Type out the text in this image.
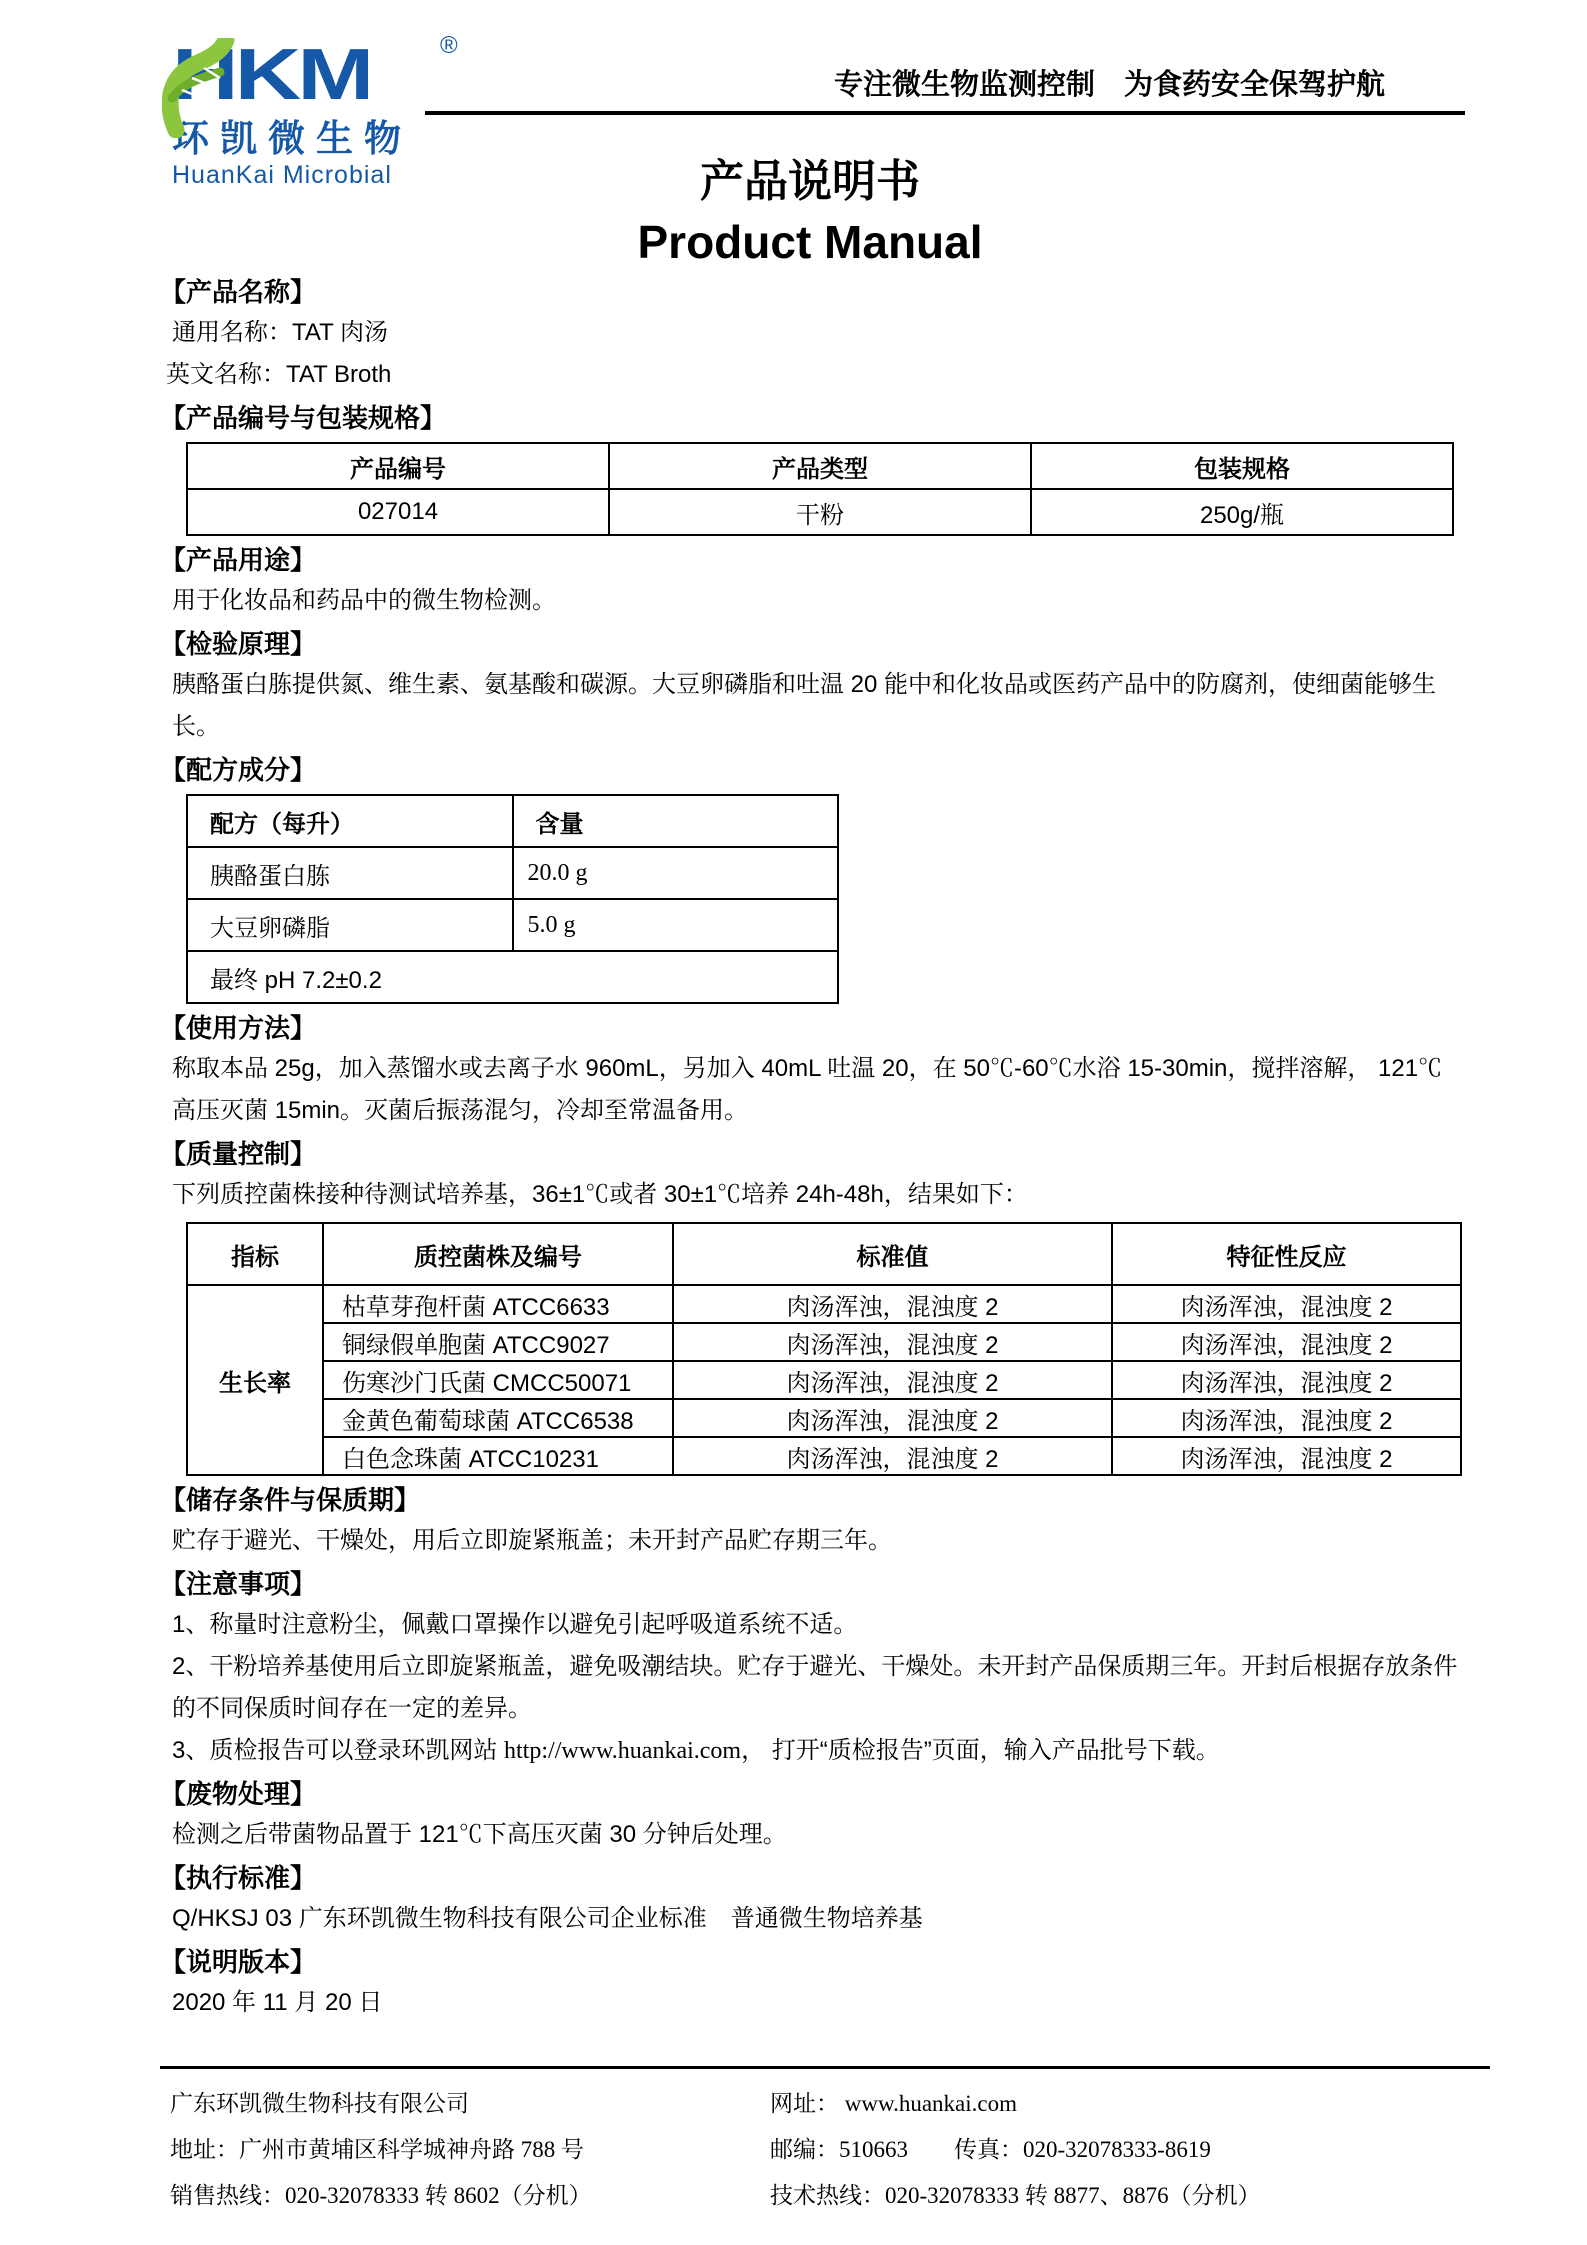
HKM	®
环凯微生物
HuanKai Microbial
专注微生物监测控制　为食药安全保驾护航
产品说明书
Product Manual
【产品名称】

通用名称：TAT 肉汤

英文名称：TAT Broth

【产品编号与包装规格】
产品编号	产品类型	包装规格
027014	干粉	250g/瓶
【产品用途】

用于化妆品和药品中的微生物检测。

【检验原理】

胰酪蛋白胨提供氮、维生素、氨基酸和碳源。大豆卵磷脂和吐温 20 能中和化妆品或医药产品中的防腐剂，使细菌能够生长。

【配方成分】
配方（每升）	含量
胰酪蛋白胨	20.0 g
大豆卵磷脂	5.0 g
最终 pH 7.2±0.2	
【使用方法】

称取本品 25g，加入蒸馏水或去离子水 960mL，另加入 40mL 吐温 20，在 50℃-60℃水浴 15-30min，搅拌溶解， 121℃高压灭菌 15min。灭菌后振荡混匀，冷却至常温备用。

【质量控制】

下列质控菌株接种待测试培养基，36±1℃或者 30±1℃培养 24h-48h，结果如下：

指标	质控菌株及编号	标准值	特征性反应
生长率	枯草芽孢杆菌 ATCC6633	肉汤浑浊，混浊度 2	肉汤浑浊，混浊度 2
	铜绿假单胞菌 ATCC9027	肉汤浑浊，混浊度 2	肉汤浑浊，混浊度 2
	伤寒沙门氏菌 CMCC50071	肉汤浑浊，混浊度 2	肉汤浑浊，混浊度 2
	金黄色葡萄球菌 ATCC6538	肉汤浑浊，混浊度 2	肉汤浑浊，混浊度 2
	白色念珠菌 ATCC10231	肉汤浑浊，混浊度 2	肉汤浑浊，混浊度 2
【储存条件与保质期】

贮存于避光、干燥处，用后立即旋紧瓶盖；未开封产品贮存期三年。

【注意事项】

1、称量时注意粉尘，佩戴口罩操作以避免引起呼吸道系统不适。

2、干粉培养基使用后立即旋紧瓶盖，避免吸潮结块。贮存于避光、干燥处。未开封产品保质期三年。开封后根据存放条件的不同保质时间存在一定的差异。

3、质检报告可以登录环凯网站 http://www.huankai.com， 打开“质检报告”页面，输入产品批号下载。

【废物处理】

检测之后带菌物品置于 121℃下高压灭菌 30 分钟后处理。

【执行标准】

Q/HKSJ 03 广东环凯微生物科技有限公司企业标准　普通微生物培养基

【说明版本】

2020 年 11 月 20 日

广东环凯微生物科技有限公司

地址：广州市黄埔区科学城神舟路 788 号

销售热线：020-32078333 转 8602（分机）

网址： www.huankai.com

邮编：510663　　传真：020-32078333-8619

技术热线：020-32078333 转 8877、8876（分机）
